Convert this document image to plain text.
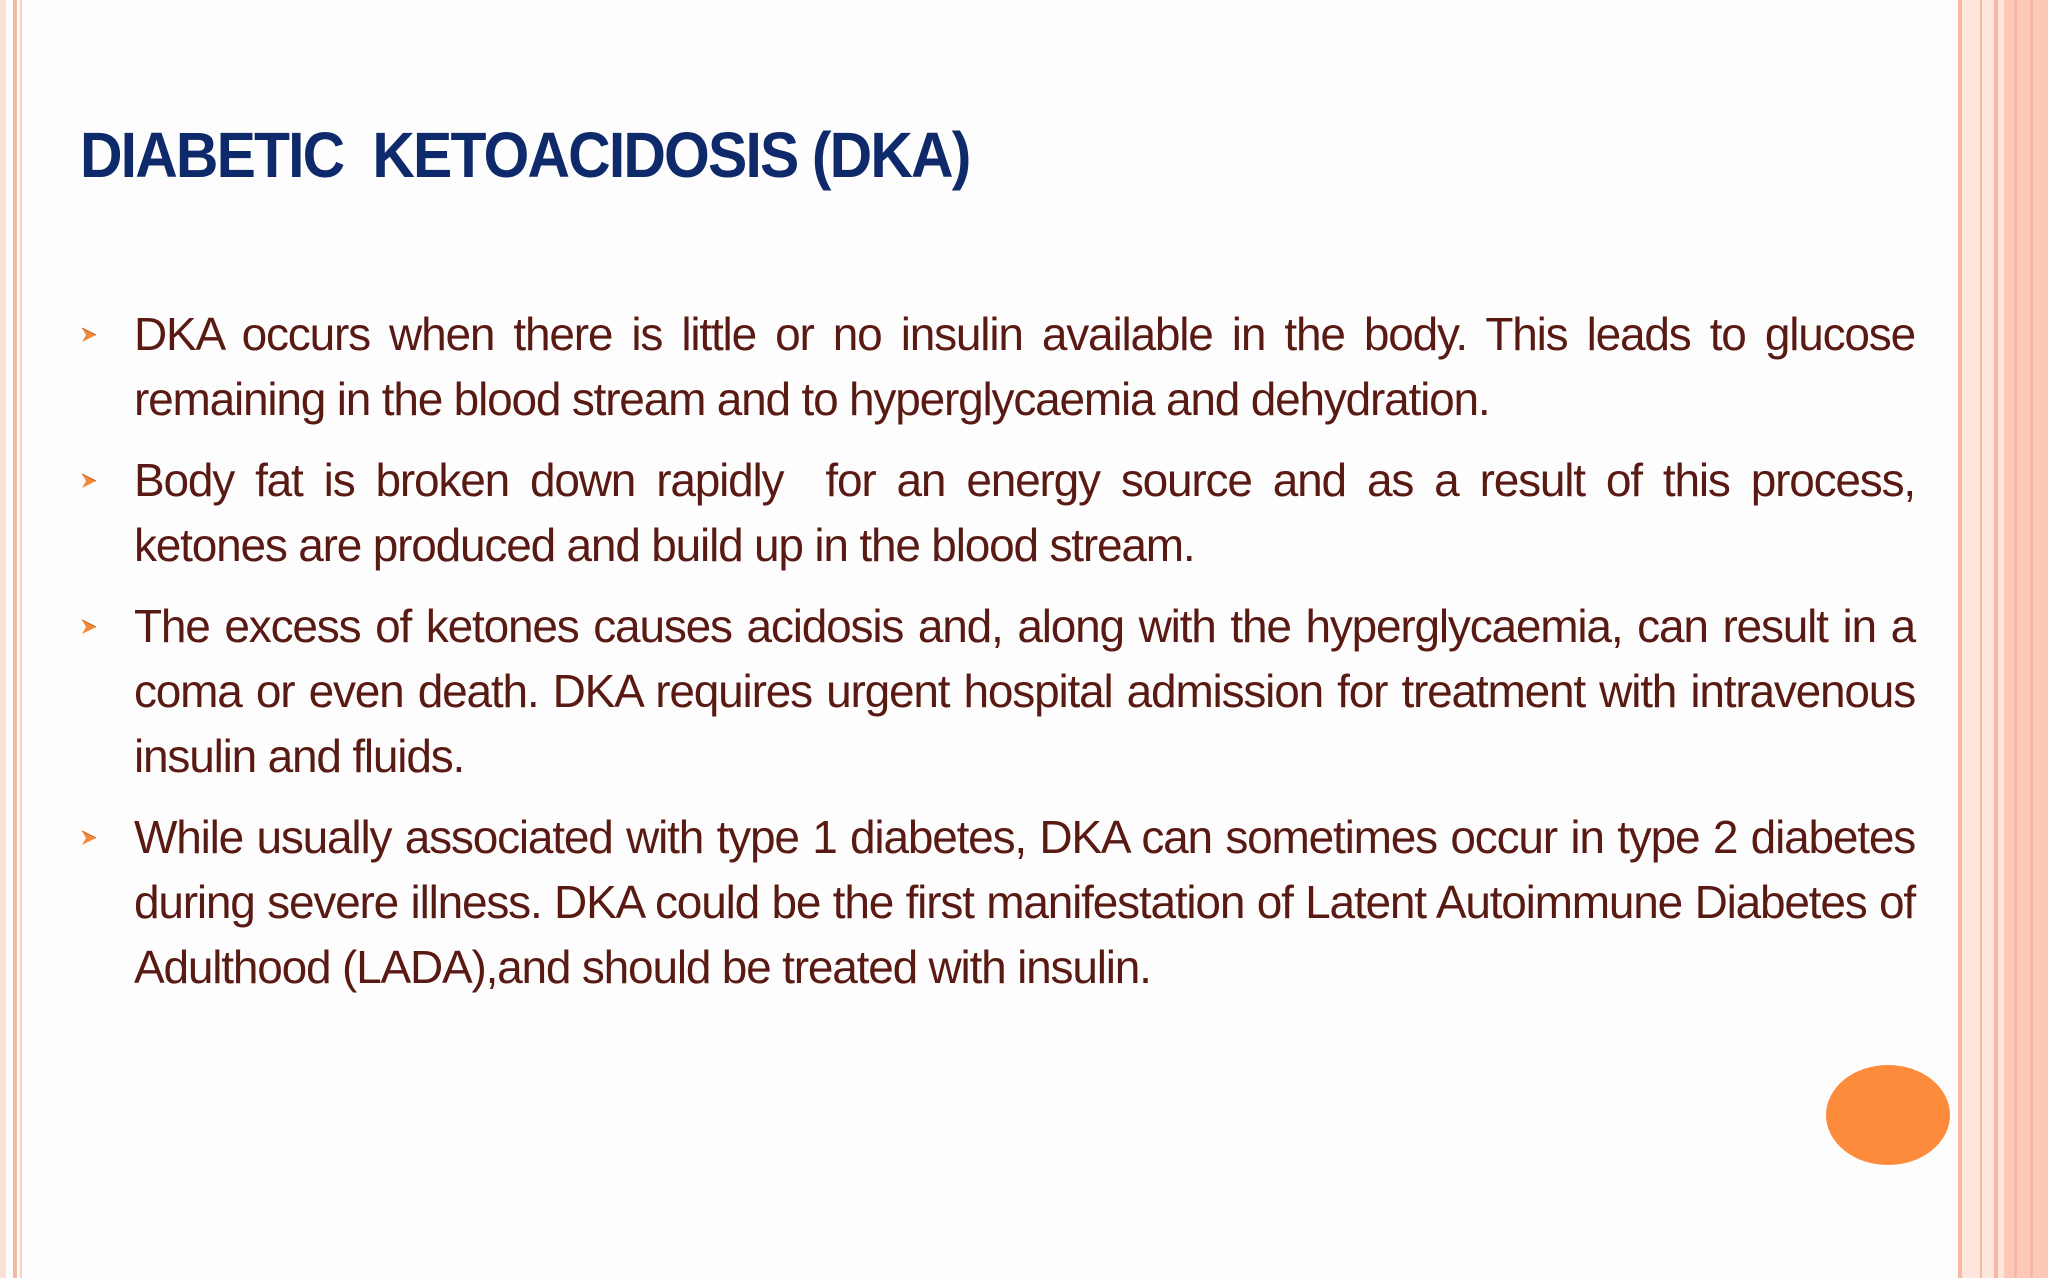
DIABETIC  KETOACIDOSIS (DKA)
DKA occurs when there is little or no insulin available in the body. This leads to glucose remaining in the blood stream and to hyperglycaemia and dehydration.
Body fat is broken down rapidly  for an energy source and as a result of this process, ketones are produced and build up in the blood stream.
The excess of ketones causes acidosis and, along with the hyperglycaemia, can result in a coma or even death. DKA requires urgent hospital admission for treatment with intravenous insulin and fluids.
While usually associated with type 1 diabetes, DKA can sometimes occur in type 2 diabetes during severe illness. DKA could be the first manifestation of Latent Autoimmune Diabetes of Adulthood (LADA),and should be treated with insulin.
